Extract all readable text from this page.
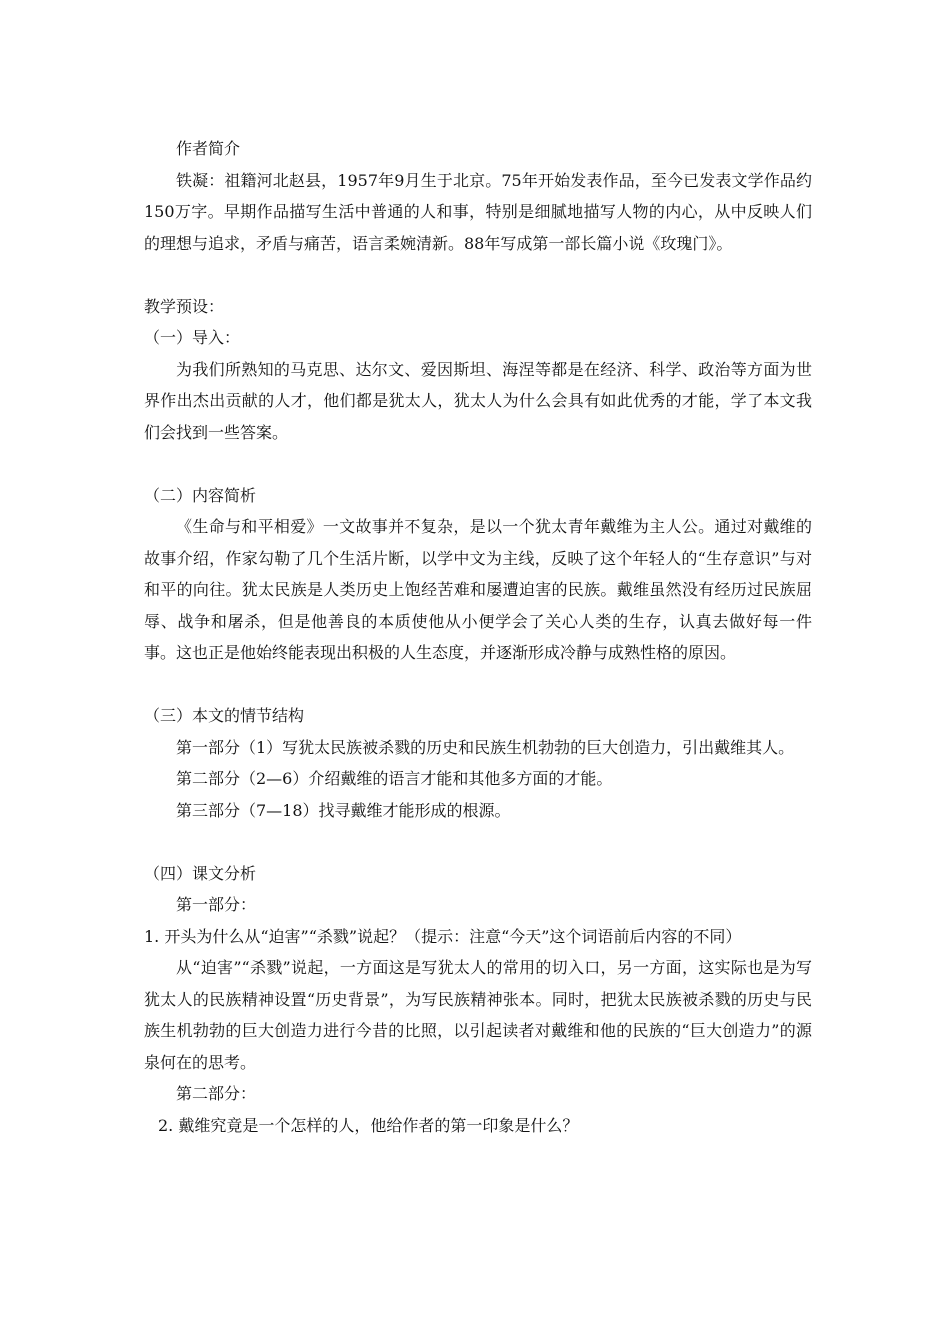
作者简介

铁凝：祖籍河北赵县，1957年9月生于北京。75年开始发表作品，至今已发表文学作品约150万字。早期作品描写生活中普通的人和事，特别是细腻地描写人物的内心，从中反映人们的理想与追求，矛盾与痛苦，语言柔婉清新。88年写成第一部长篇小说《玫瑰门》。

教学预设：

（一）导入：

为我们所熟知的马克思、达尔文、爱因斯坦、海涅等都是在经济、科学、政治等方面为世界作出杰出贡献的人才，他们都是犹太人，犹太人为什么会具有如此优秀的才能，学了本文我们会找到一些答案。

（二）内容简析

《生命与和平相爱》一文故事并不复杂，是以一个犹太青年戴维为主人公。通过对戴维的故事介绍，作家勾勒了几个生活片断，以学中文为主线，反映了这个年轻人的“生存意识”与对和平的向往。犹太民族是人类历史上饱经苦难和屡遭迫害的民族。戴维虽然没有经历过民族屈辱、战争和屠杀，但是他善良的本质使他从小便学会了关心人类的生存，认真去做好每一件事。这也正是他始终能表现出积极的人生态度，并逐渐形成冷静与成熟性格的原因。

（三）本文的情节结构

第一部分（1）写犹太民族被杀戮的历史和民族生机勃勃的巨大创造力，引出戴维其人。

第二部分（2—6）介绍戴维的语言才能和其他多方面的才能。

第三部分（7—18）找寻戴维才能形成的根源。

（四）课文分析

第一部分：

1. 开头为什么从“迫害”“杀戮”说起？（提示：注意“今天”这个词语前后内容的不同）

从“迫害”“杀戮”说起，一方面这是写犹太人的常用的切入口，另一方面，这实际也是为写犹太人的民族精神设置“历史背景”，为写民族精神张本。同时，把犹太民族被杀戮的历史与民族生机勃勃的巨大创造力进行今昔的比照，以引起读者对戴维和他的民族的“巨大创造力”的源泉何在的思考。

第二部分：

2. 戴维究竟是一个怎样的人，他给作者的第一印象是什么？
